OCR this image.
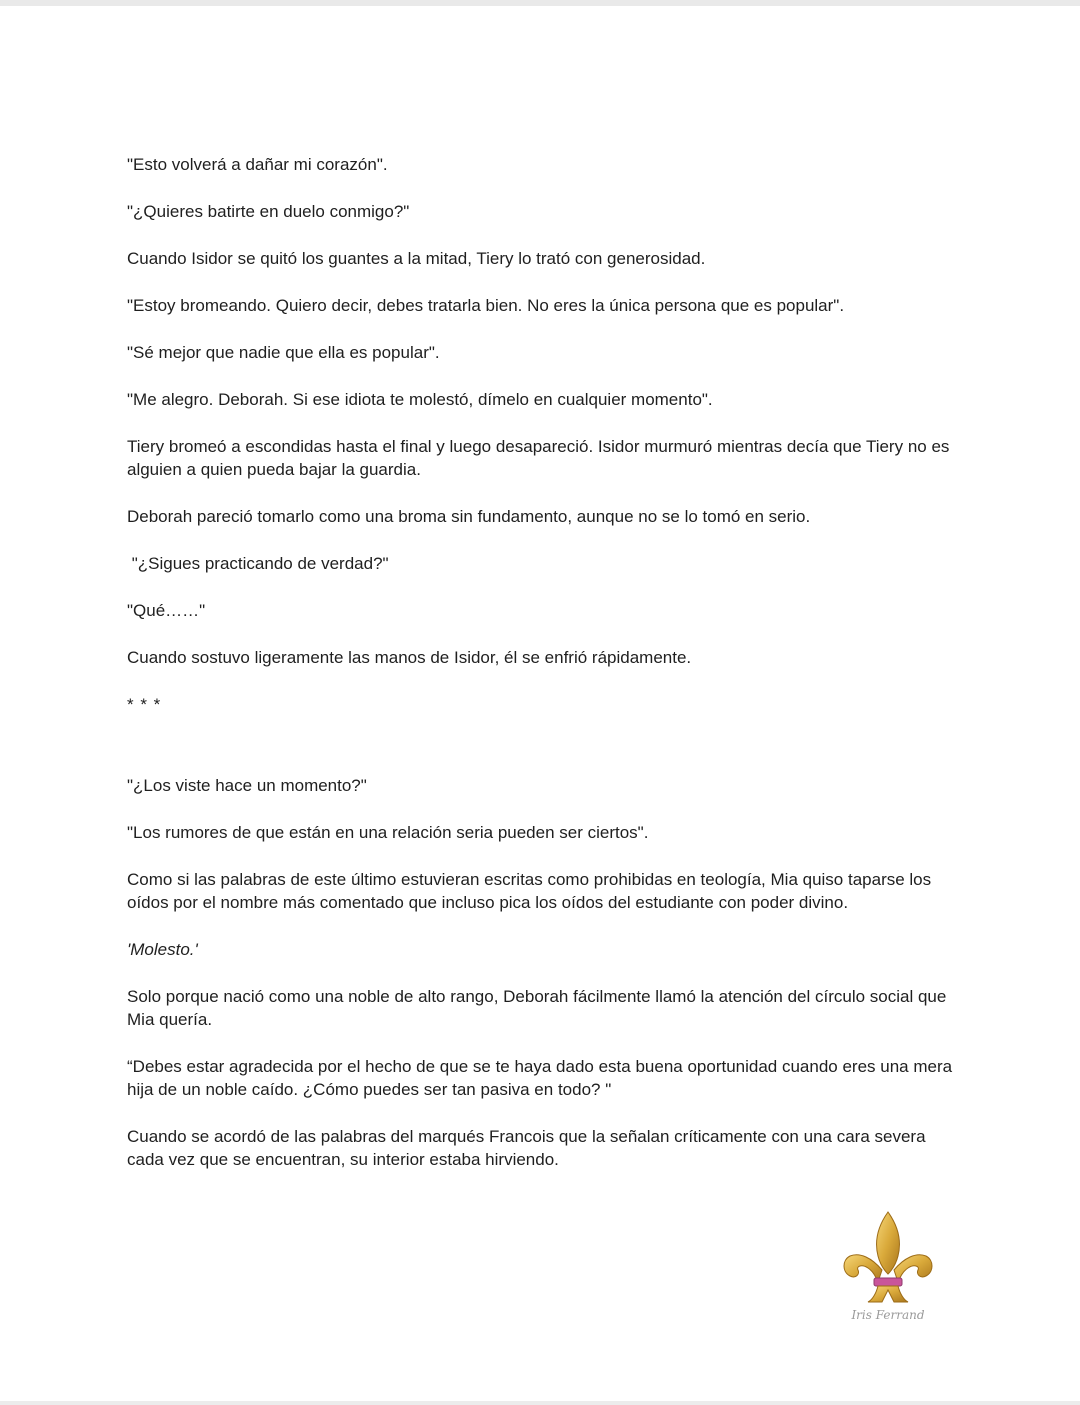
"Esto volverá a dañar mi corazón".

"¿Quieres batirte en duelo conmigo?"

Cuando Isidor se quitó los guantes a la mitad, Tiery lo trató con generosidad.

"Estoy bromeando. Quiero decir, debes tratarla bien. No eres la única persona que es popular".

"Sé mejor que nadie que ella es popular".

"Me alegro. Deborah. Si ese idiota te molestó, dímelo en cualquier momento".

Tiery bromeó a escondidas hasta el final y luego desapareció. Isidor murmuró mientras decía que Tiery no es alguien a quien pueda bajar la guardia.

Deborah pareció tomarlo como una broma sin fundamento, aunque no se lo tomó en serio.

"¿Sigues practicando de verdad?"

"Qué……"

Cuando sostuvo ligeramente las manos de Isidor, él se enfrió rápidamente.

* * *

"¿Los viste hace un momento?"

"Los rumores de que están en una relación seria pueden ser ciertos".

Como si las palabras de este último estuvieran escritas como prohibidas en teología, Mia quiso taparse los oídos por el nombre más comentado que incluso pica los oídos del estudiante con poder divino.

'Molesto.'

Solo porque nació como una noble de alto rango, Deborah fácilmente llamó la atención del círculo social que Mia quería.

“Debes estar agradecida por el hecho de que se te haya dado esta buena oportunidad cuando eres una mera hija de un noble caído. ¿Cómo puedes ser tan pasiva en todo? "

Cuando se acordó de las palabras del marqués Francois que la señalan críticamente con una cara severa cada vez que se encuentran, su interior estaba hirviendo.

Iris Ferrand
